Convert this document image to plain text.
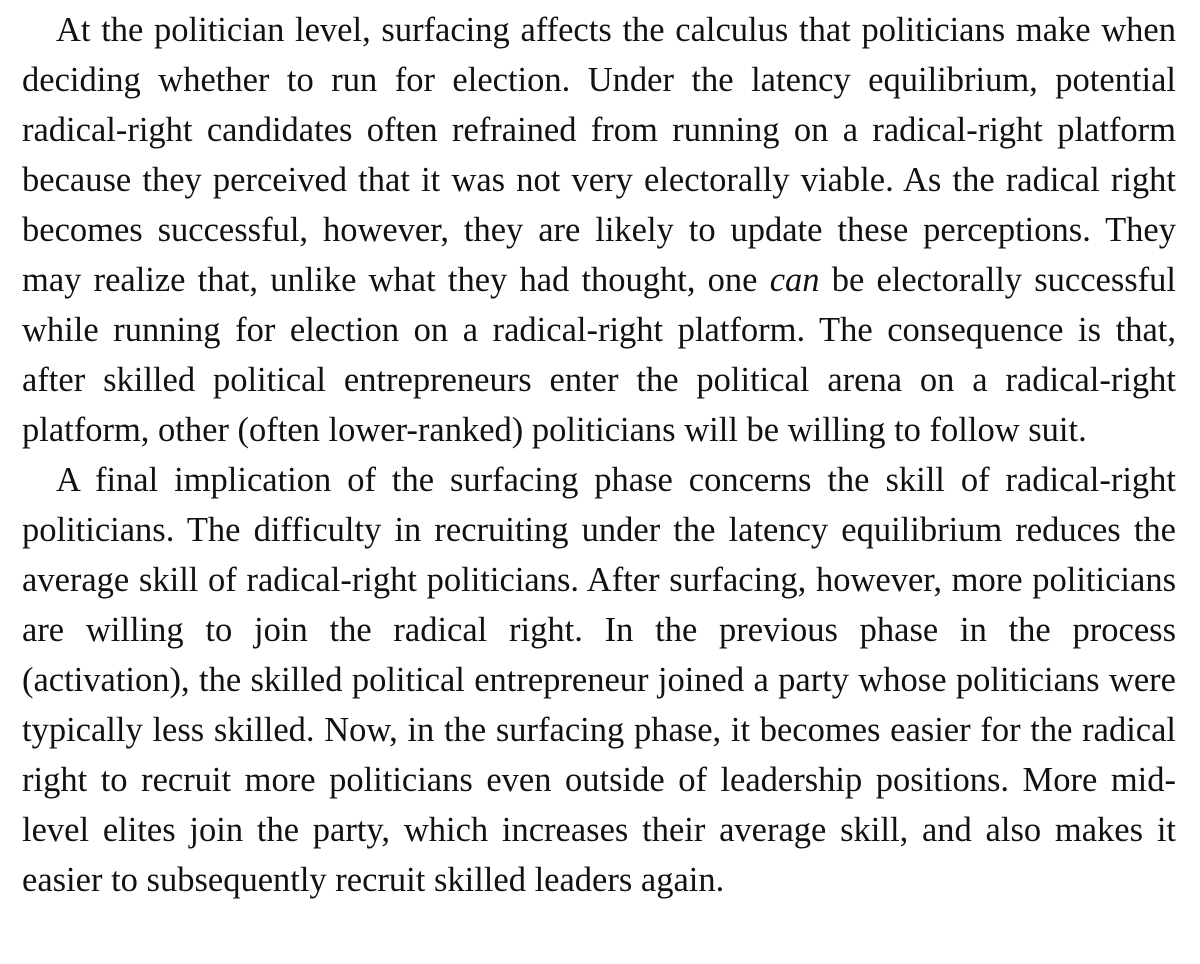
At the politician level, surfacing affects the calculus that politicians make when deciding whether to run for election. Under the latency equilibrium, potential radical-right candidates often refrained from running on a radical-right platform because they perceived that it was not very electorally viable. As the radical right becomes successful, however, they are likely to update these perceptions. They may realize that, unlike what they had thought, one can be electorally successful while running for election on a radical-right platform. The consequence is that, after skilled political entrepreneurs enter the political arena on a radical-right platform, other (often lower-ranked) politicians will be willing to follow suit.

A final implication of the surfacing phase concerns the skill of radical-right politicians. The difficulty in recruiting under the latency equilibrium reduces the average skill of radical-right politicians. After surfacing, however, more politicians are willing to join the radical right. In the previous phase in the process (activation), the skilled political entrepreneur joined a party whose politicians were typically less skilled. Now, in the surfacing phase, it becomes easier for the radical right to recruit more politicians even outside of leadership positions. More mid-level elites join the party, which increases their average skill, and also makes it easier to subsequently recruit skilled leaders again.
